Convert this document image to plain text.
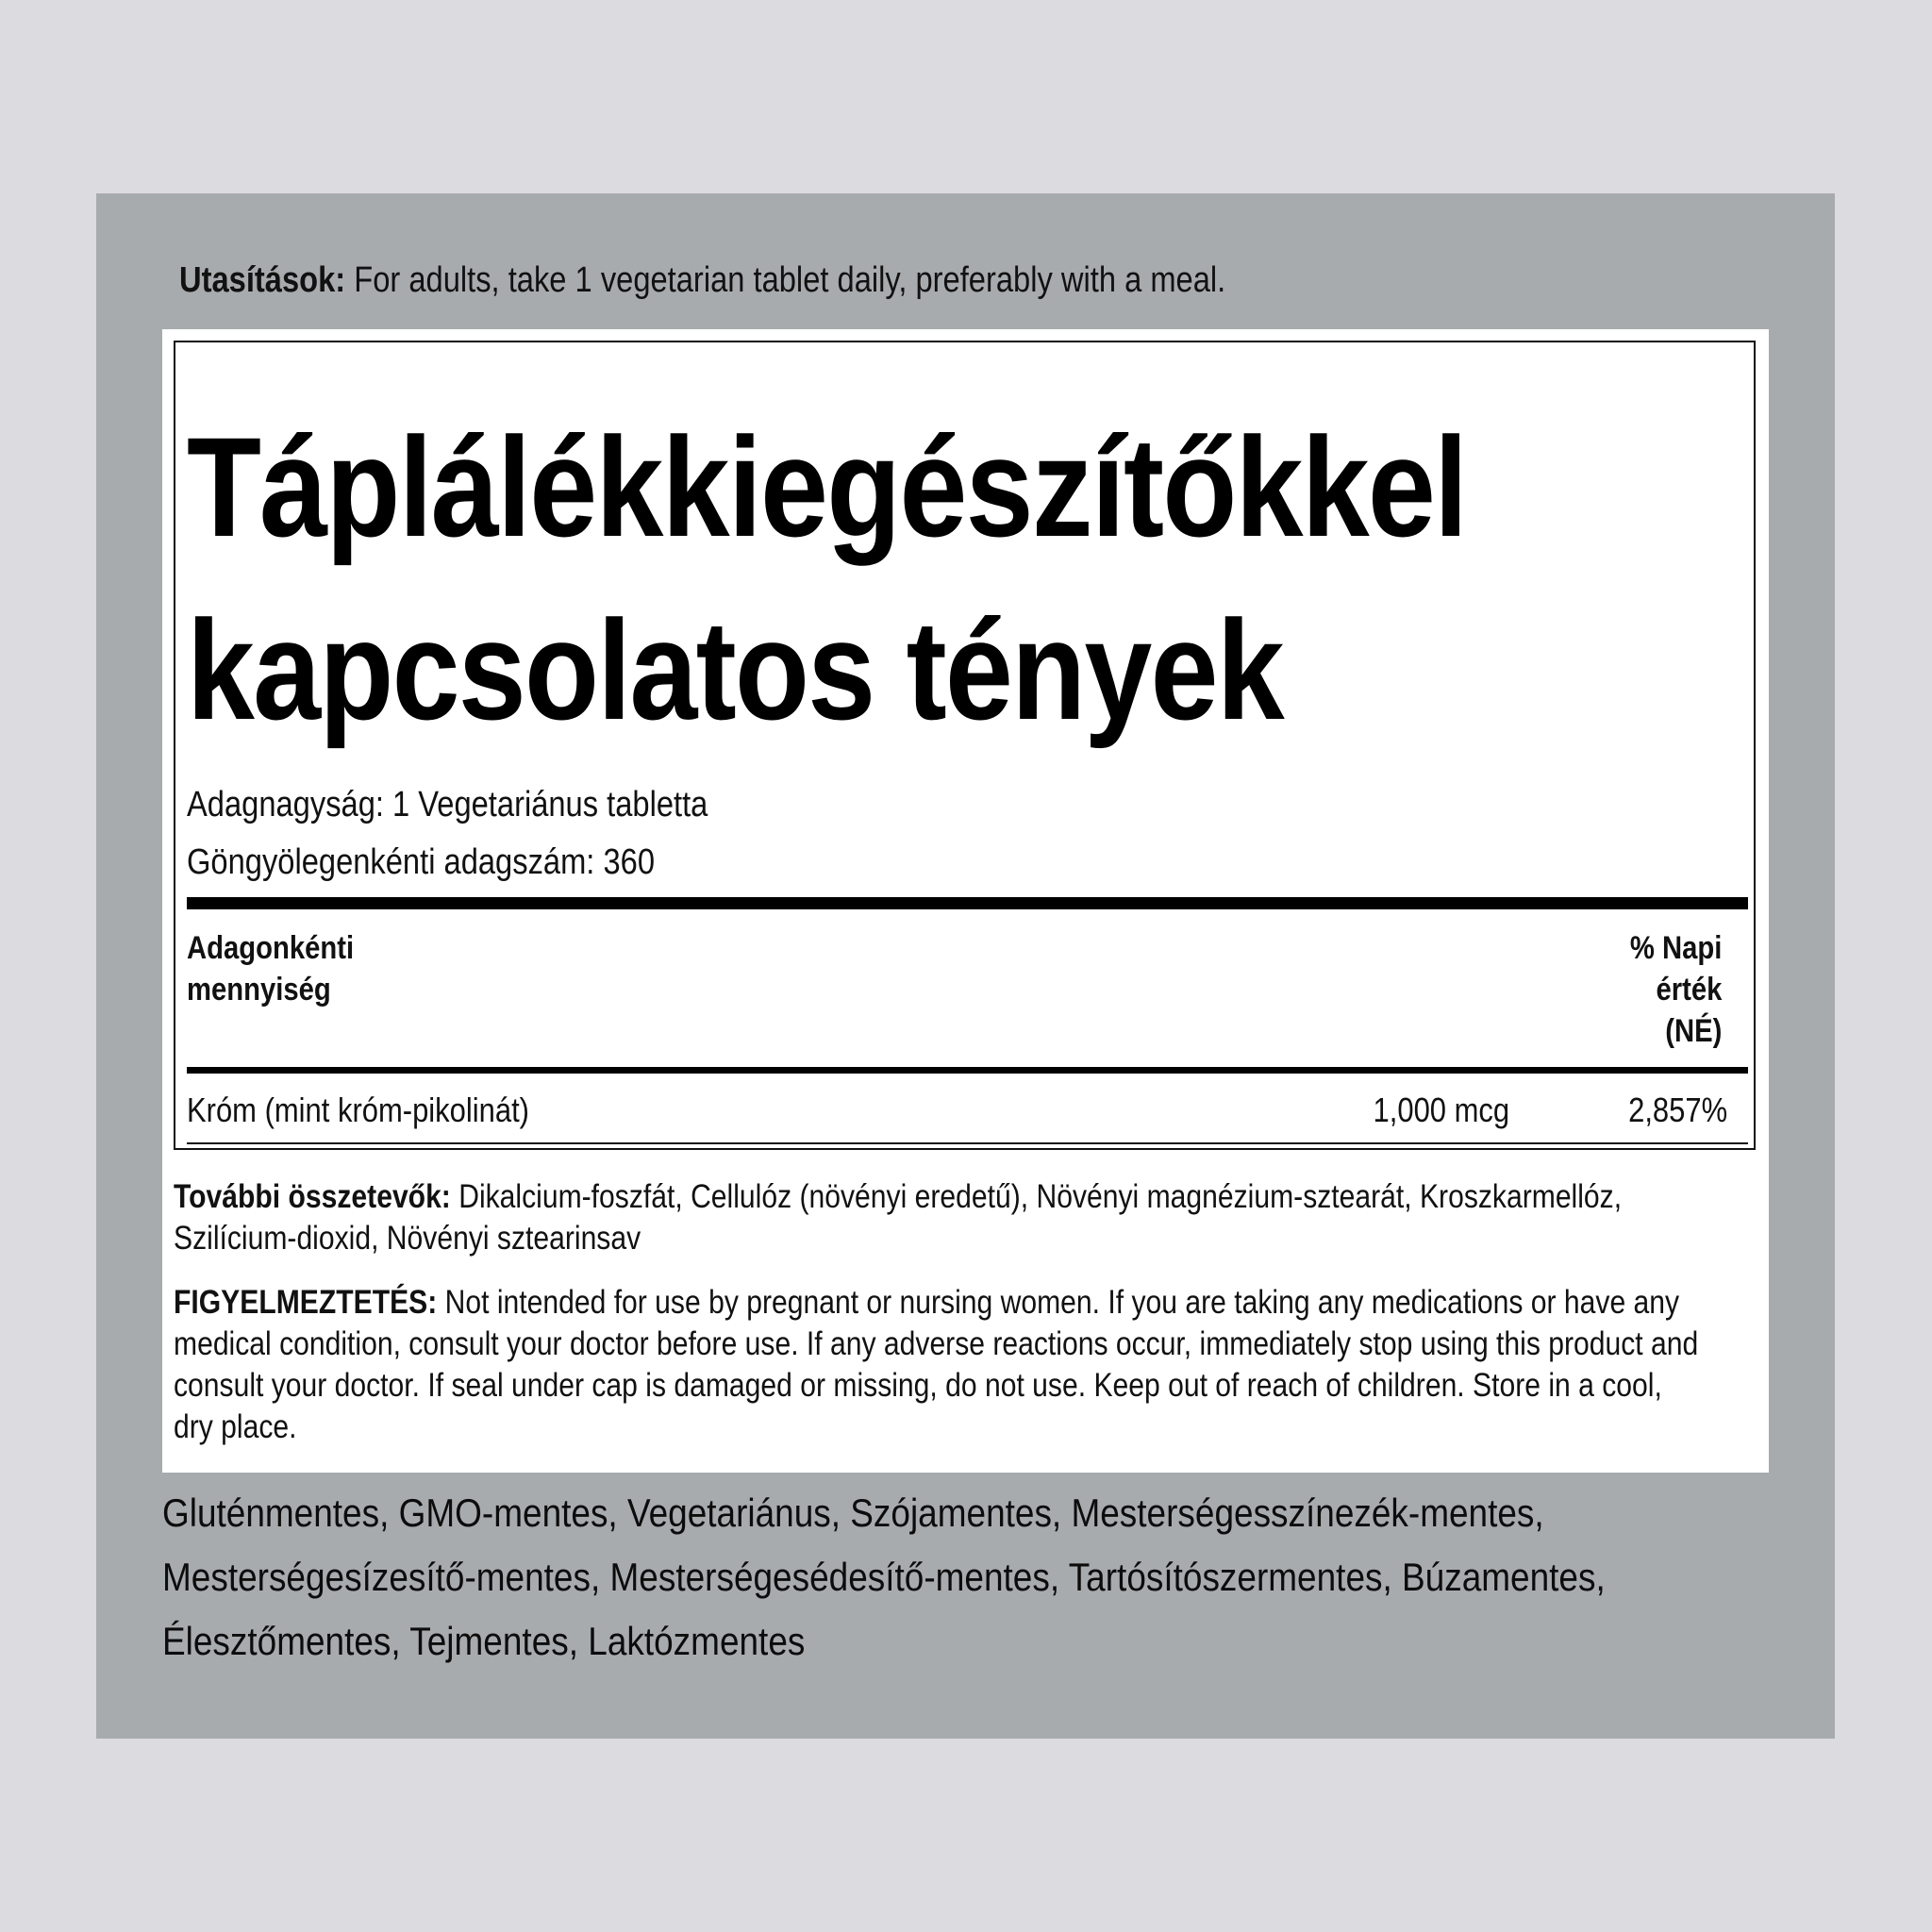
Utasítások: For adults, take 1 vegetarian tablet daily, preferably with a meal.
Táplálékkiegészítőkkel
kapcsolatos tények
Adagnagyság: 1 Vegetariánus tabletta
Göngyölegenkénti adagszám: 360
Adagonkénti
mennyiség
% Napi
érték
(NÉ)
Króm (mint króm-pikolinát)	1,000 mcg	2,857%
További összetevők: Dikalcium-foszfát, Cellulóz (növényi eredetű), Növényi magnézium-sztearát, Kroszkarmellóz, Szilícium-dioxid, Növényi sztearinsav
FIGYELMEZTETÉS: Not intended for use by pregnant or nursing women. If you are taking any medications or have any medical condition, consult your doctor before use. If any adverse reactions occur, immediately stop using this product and consult your doctor. If seal under cap is damaged or missing, do not use. Keep out of reach of children. Store in a cool, dry place.
Gluténmentes, GMO-mentes, Vegetariánus, Szójamentes, Mesterségesszínezék-mentes, Mesterségesízesítő-mentes, Mesterségesédesítő-mentes, Tartósítószermentes, Búzamentes, Élesztőmentes, Tejmentes, Laktózmentes
